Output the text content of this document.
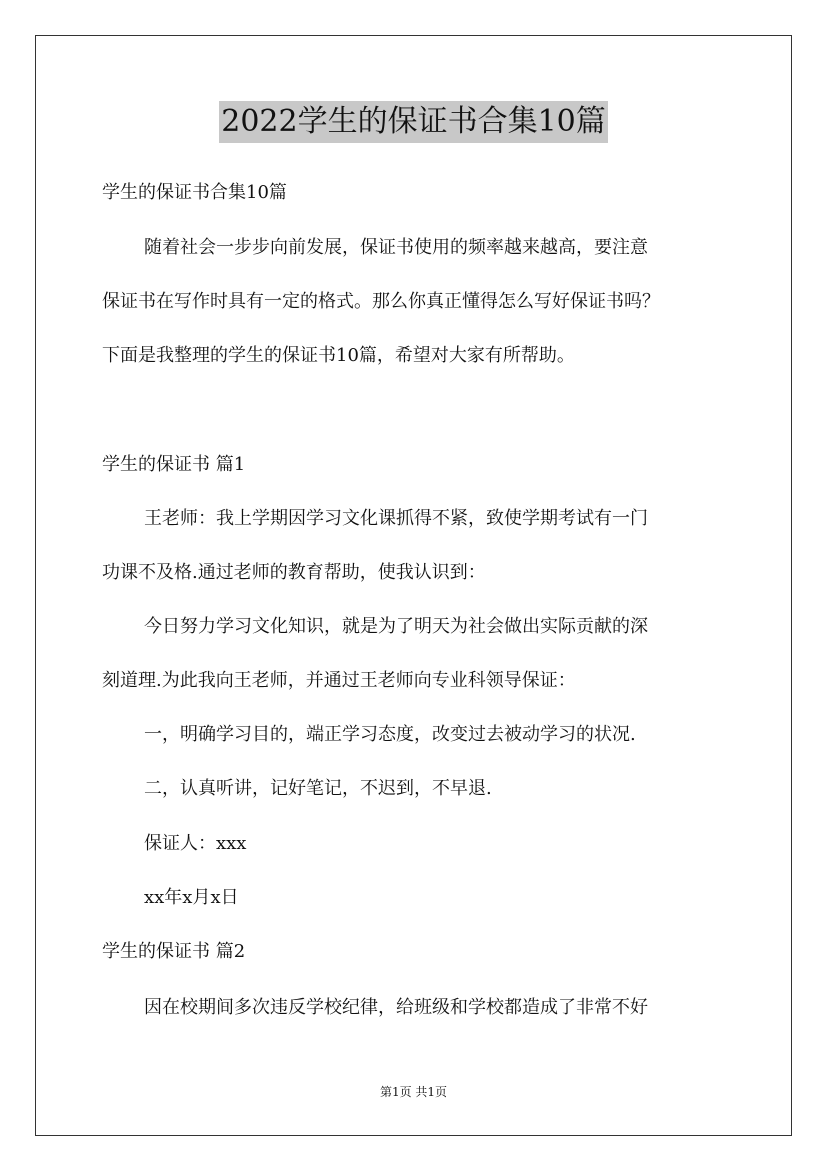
2022学生的保证书合集10篇
学生的保证书合集10篇
随着社会一步步向前发展，保证书使用的频率越来越高，要注意
保证书在写作时具有一定的格式。那么你真正懂得怎么写好保证书吗？
下面是我整理的学生的保证书10篇，希望对大家有所帮助。
学生的保证书 篇1
王老师：我上学期因学习文化课抓得不紧，致使学期考试有一门
功课不及格.通过老师的教育帮助，使我认识到：
今日努力学习文化知识，就是为了明天为社会做出实际贡献的深
刻道理.为此我向王老师，并通过王老师向专业科领导保证：
一，明确学习目的，端正学习态度，改变过去被动学习的状况.
二，认真听讲，记好笔记，不迟到，不早退.
保证人：xxx
xx年x月x日
学生的保证书 篇2
因在校期间多次违反学校纪律，给班级和学校都造成了非常不好
第1页 共1页
